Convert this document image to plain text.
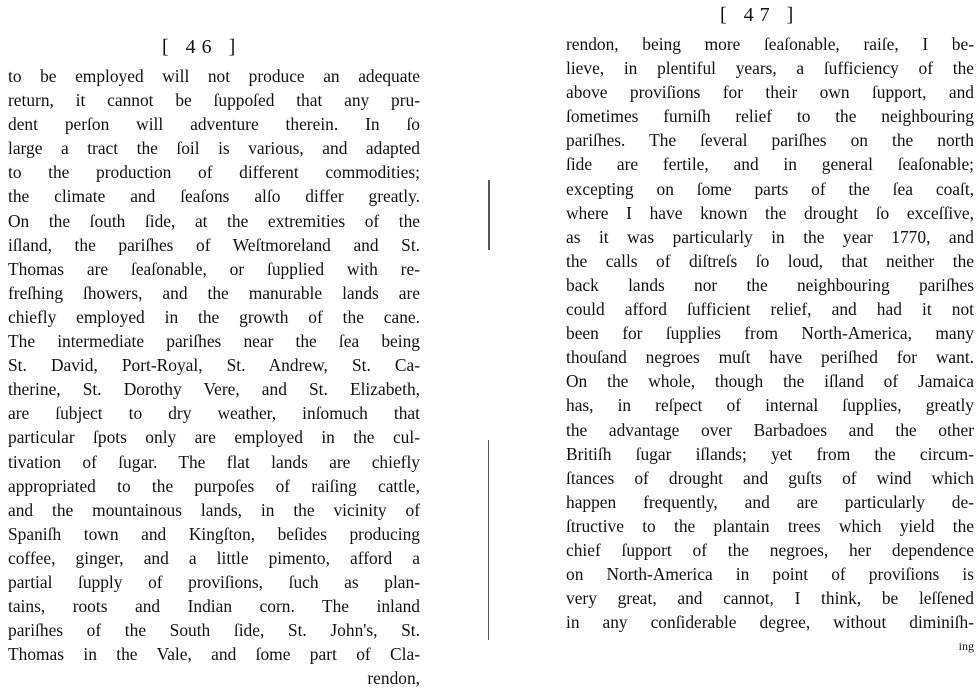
[ 46 ]
to be employed will not produce an adequate
return, it cannot be ſuppoſed that any pru-
dent perſon will adventure therein. In ſo
large a tract the ſoil is various, and adapted
to the production of different commodities;
the climate and ſeaſons alſo differ greatly.
On the ſouth ſide, at the extremities of the
iſland, the pariſhes of Weſtmoreland and St.
Thomas are ſeaſonable, or ſupplied with re-
freſhing ſhowers, and the manurable lands are
chiefly employed in the growth of the cane.
The intermediate pariſhes near the ſea being
St. David, Port-Royal, St. Andrew, St. Ca-
therine, St. Dorothy Vere, and St. Elizabeth,
are ſubject to dry weather, inſomuch that
particular ſpots only are employed in the cul-
tivation of ſugar. The flat lands are chiefly
appropriated to the purpoſes of raiſing cattle,
and the mountainous lands, in the vicinity of
Spaniſh town and Kingſton, beſides producing
coffee, ginger, and a little pimento, afford a
partial ſupply of proviſions, ſuch as plan-
tains, roots and Indian corn. The inland
pariſhes of the South ſide, St. John's, St.
Thomas in the Vale, and ſome part of Cla-
rendon,
[ 47 ]
rendon, being more ſeaſonable, raiſe, I be-
lieve, in plentiful years, a ſufficiency of the
above proviſions for their own ſupport, and
ſometimes furniſh relief to the neighbouring
pariſhes. The ſeveral pariſhes on the north
ſide are fertile, and in general ſeaſonable;
excepting on ſome parts of the ſea coaſt,
where I have known the drought ſo exceſſive,
as it was particularly in the year 1770, and
the calls of diſtreſs ſo loud, that neither the
back lands nor the neighbouring pariſhes
could afford ſufficient relief, and had it not
been for ſupplies from North-America, many
thouſand negroes muſt have periſhed for want.
On the whole, though the iſland of Jamaica
has, in reſpect of internal ſupplies, greatly
the advantage over Barbadoes and the other
Britiſh ſugar iſlands; yet from the circum-
ſtances of drought and guſts of wind which
happen frequently, and are particularly de-
ſtructive to the plantain trees which yield the
chief ſupport of the negroes, her dependence
on North-America in point of proviſions is
very great, and cannot, I think, be leſſened
in any conſiderable degree, without diminiſh-
ing
